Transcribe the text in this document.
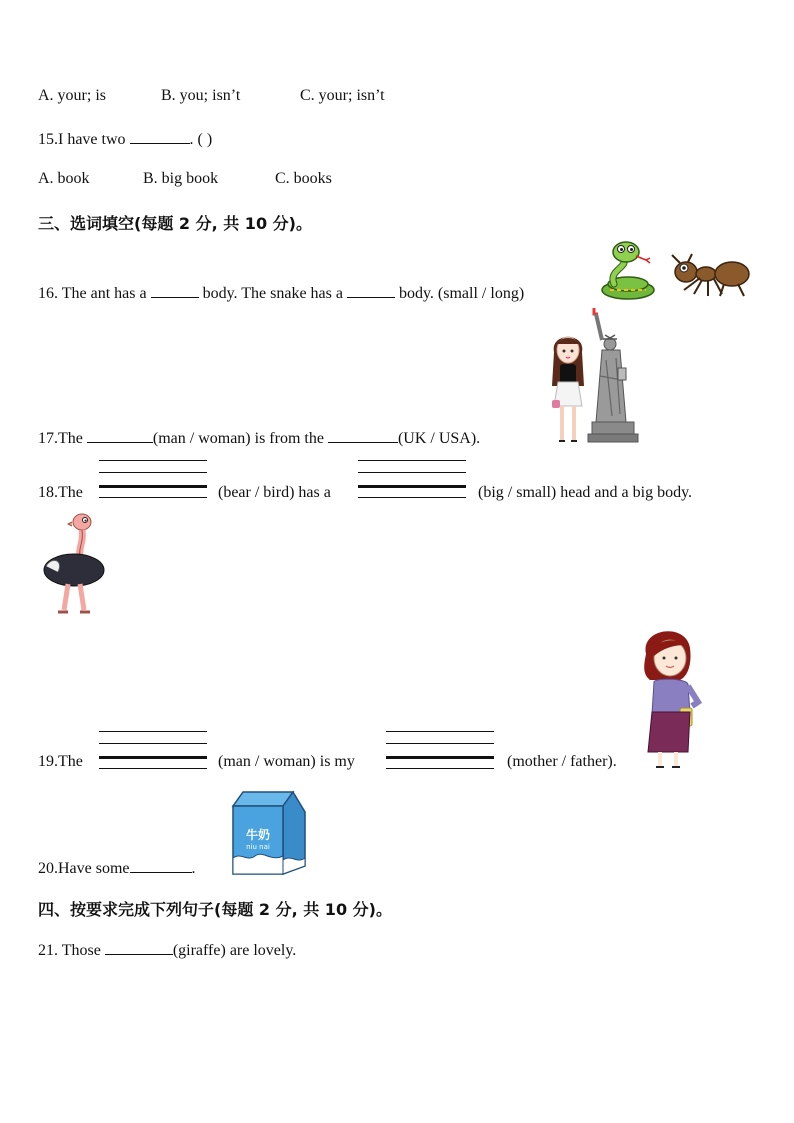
A. your; is	B. you; isn’t	C. your; isn’t
15.I have two	. ( )
A. book	B. big book	C. books
三、选词填空(每题 2 分, 共 10 分)。
16. The ant has a	body. The snake has a	body. (small / long)
17.The	(man / woman) is from the	(UK / USA).
18.The	(bear / bird) has a	(big / small) head and a big body.
19.The	(man / woman) is my	(mother / father).
20.Have some	.
牛奶
niu nai
四、按要求完成下列句子(每题 2 分, 共 10 分)。
21. Those	(giraffe) are lovely.
